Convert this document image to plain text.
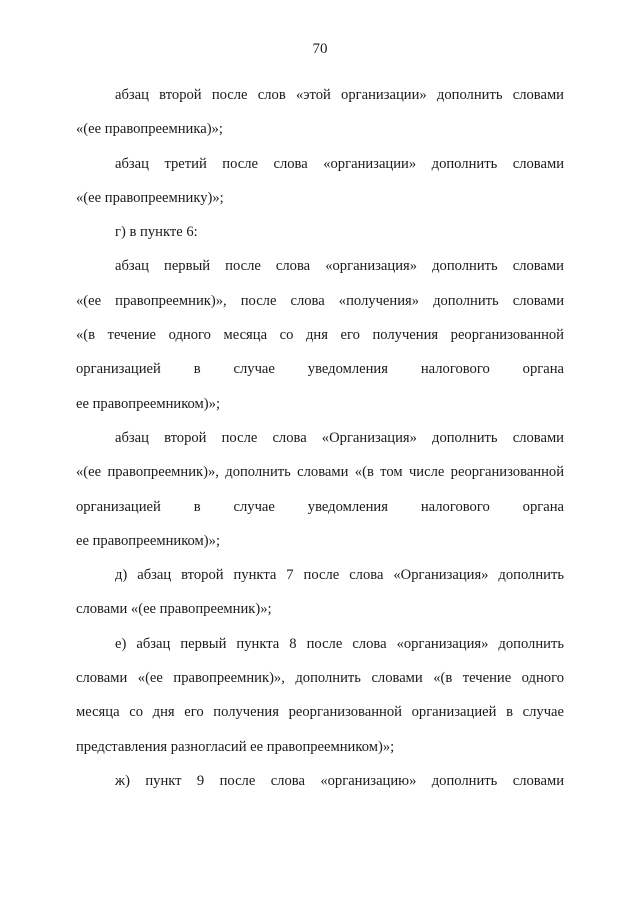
70

абзац второй после слов «этой организации» дополнить словами
«(ее правопреемника)»;

абзац третий после слова «организации» дополнить словами
«(ее правопреемнику)»;

г) в пункте 6:

абзац первый после слова «организация» дополнить словами
«(ее правопреемник)», после слова «получения» дополнить словами
«(в течение одного месяца со дня его получения реорганизованной
организацией в случае уведомления налогового органа
ее правопреемником)»;

абзац второй после слова «Организация» дополнить словами
«(ее правопреемник)», дополнить словами «(в том числе реорганизованной
организацией в случае уведомления налогового органа
ее правопреемником)»;

д) абзац второй пункта 7 после слова «Организация» дополнить
словами «(ее правопреемник)»;

е) абзац первый пункта 8 после слова «организация» дополнить
словами «(ее правопреемник)», дополнить словами «(в течение одного
месяца со дня его получения реорганизованной организацией в случае
представления разногласий ее правопреемником)»;

ж) пункт 9 после слова «организацию» дополнить словами
